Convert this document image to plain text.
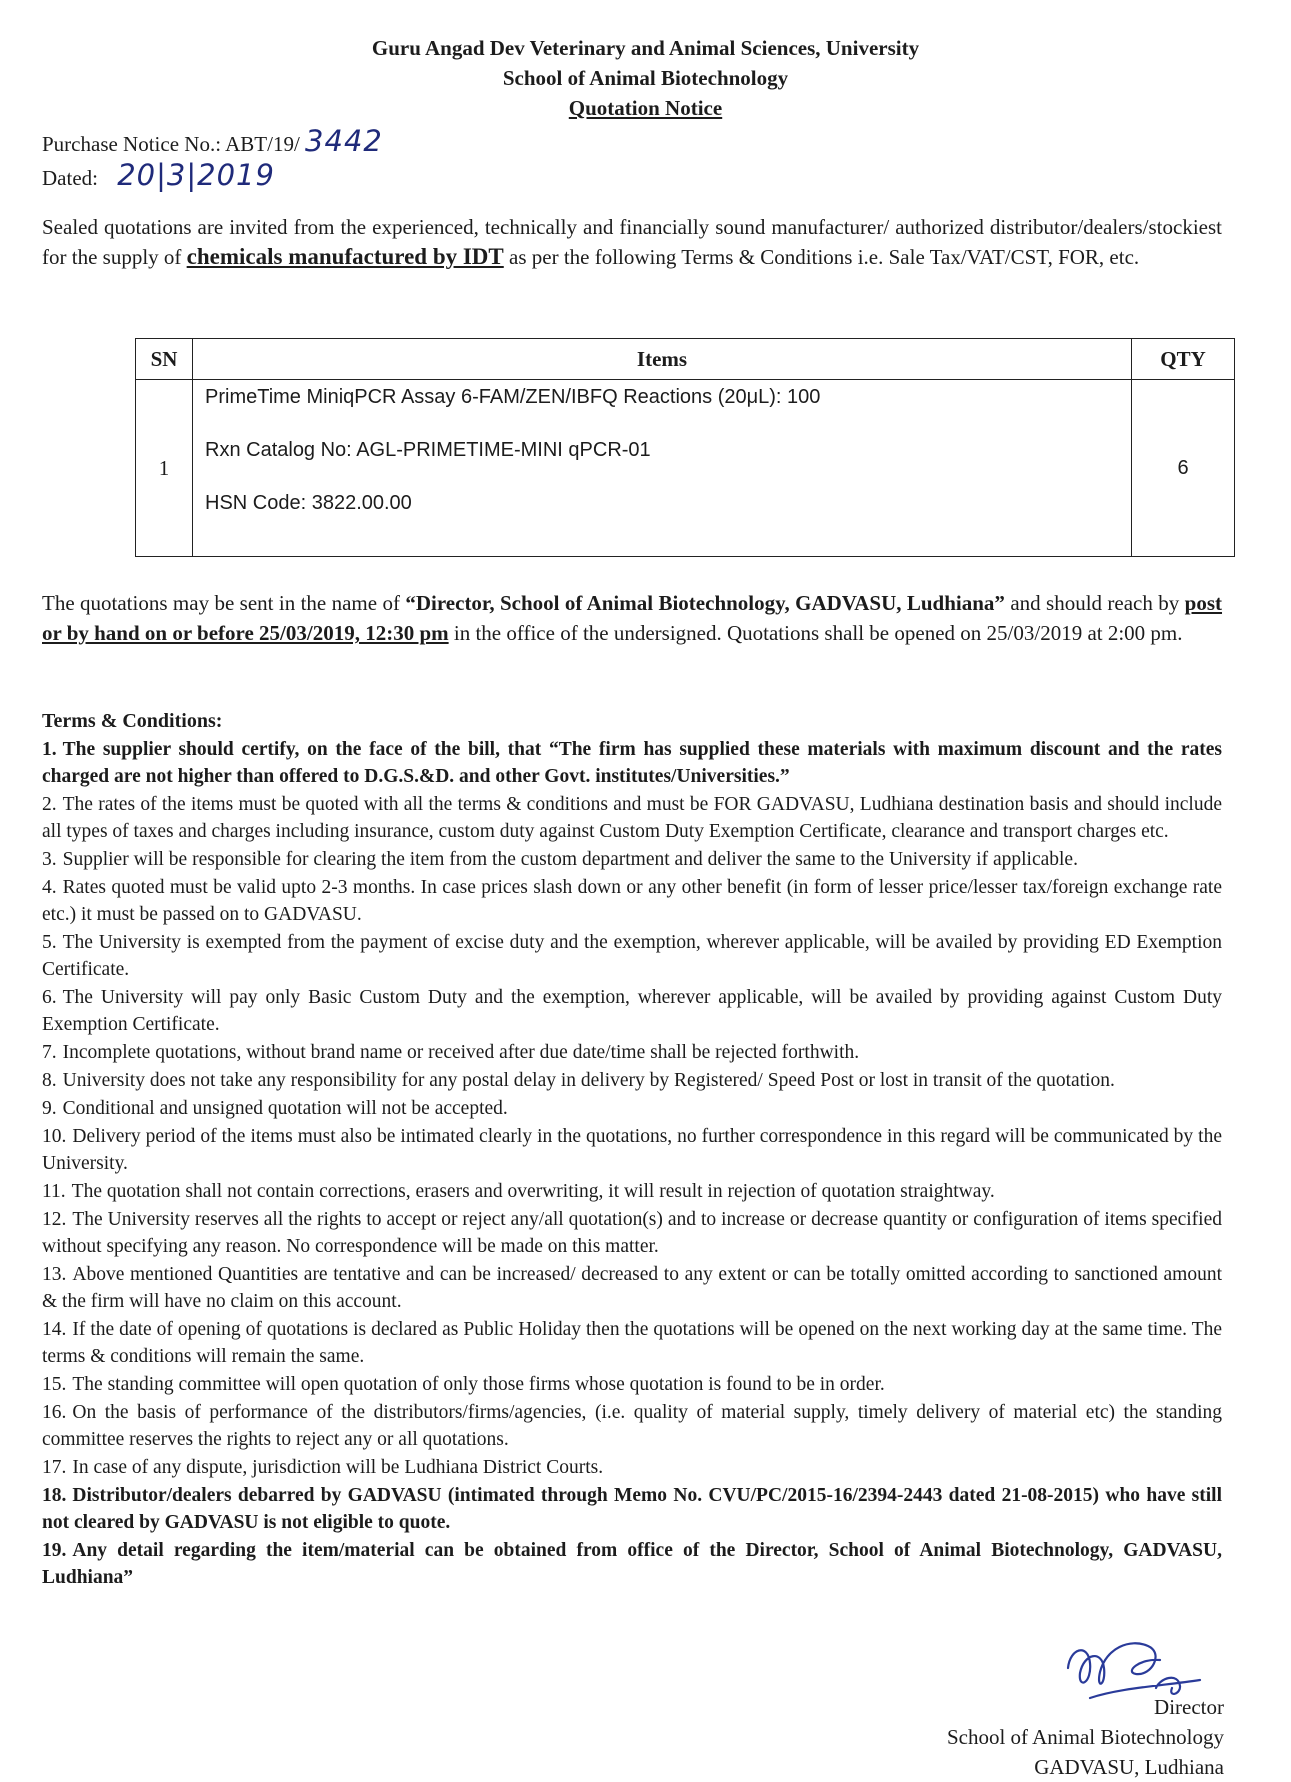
Guru Angad Dev Veterinary and Animal Sciences, University
School of Animal Biotechnology
Quotation Notice
Purchase Notice No.: ABT/19/ 3442
Dated: 20|3|2019
Sealed quotations are invited from the experienced, technically and financially sound manufacturer/ authorized distributor/dealers/stockiest for the supply of chemicals manufactured by IDT as per the following Terms & Conditions i.e. Sale Tax/VAT/CST, FOR, etc.
SN	Items	QTY
1	PrimeTime MiniqPCR Assay 6-FAM/ZEN/IBFQ Reactions (20μL): 100
Rxn Catalog No: AGL-PRIMETIME-MINI qPCR-01
HSN Code: 3822.00.00	6
The quotations may be sent in the name of “Director, School of Animal Biotechnology, GADVASU, Ludhiana” and should reach by post or by hand on or before 25/03/2019, 12:30 pm in the office of the undersigned. Quotations shall be opened on 25/03/2019 at 2:00 pm.
Terms & Conditions:
1. The supplier should certify, on the face of the bill, that “The firm has supplied these materials with maximum discount and the rates charged are not higher than offered to D.G.S.&D. and other Govt. institutes/Universities.”
2. The rates of the items must be quoted with all the terms & conditions and must be FOR GADVASU, Ludhiana destination basis and should include all types of taxes and charges including insurance, custom duty against Custom Duty Exemption Certificate, clearance and transport charges etc.
3. Supplier will be responsible for clearing the item from the custom department and deliver the same to the University if applicable.
4. Rates quoted must be valid upto 2-3 months. In case prices slash down or any other benefit (in form of lesser price/lesser tax/foreign exchange rate etc.) it must be passed on to GADVASU.
5. The University is exempted from the payment of excise duty and the exemption, wherever applicable, will be availed by providing ED Exemption Certificate.
6. The University will pay only Basic Custom Duty and the exemption, wherever applicable, will be availed by providing against Custom Duty Exemption Certificate.
7. Incomplete quotations, without brand name or received after due date/time shall be rejected forthwith.
8. University does not take any responsibility for any postal delay in delivery by Registered/ Speed Post or lost in transit of the quotation.
9. Conditional and unsigned quotation will not be accepted.
10. Delivery period of the items must also be intimated clearly in the quotations, no further correspondence in this regard will be communicated by the University.
11. The quotation shall not contain corrections, erasers and overwriting, it will result in rejection of quotation straightway.
12. The University reserves all the rights to accept or reject any/all quotation(s) and to increase or decrease quantity or configuration of items specified without specifying any reason. No correspondence will be made on this matter.
13. Above mentioned Quantities are tentative and can be increased/ decreased to any extent or can be totally omitted according to sanctioned amount & the firm will have no claim on this account.
14. If the date of opening of quotations is declared as Public Holiday then the quotations will be opened on the next working day at the same time. The terms & conditions will remain the same.
15. The standing committee will open quotation of only those firms whose quotation is found to be in order.
16. On the basis of performance of the distributors/firms/agencies, (i.e. quality of material supply, timely delivery of material etc) the standing committee reserves the rights to reject any or all quotations.
17. In case of any dispute, jurisdiction will be Ludhiana District Courts.
18. Distributor/dealers debarred by GADVASU (intimated through Memo No. CVU/PC/2015-16/2394-2443 dated 21-08-2015) who have still not cleared by GADVASU is not eligible to quote.
19. Any detail regarding the item/material can be obtained from office of the Director, School of Animal Biotechnology, GADVASU, Ludhiana”
Director
School of Animal Biotechnology
GADVASU, Ludhiana
